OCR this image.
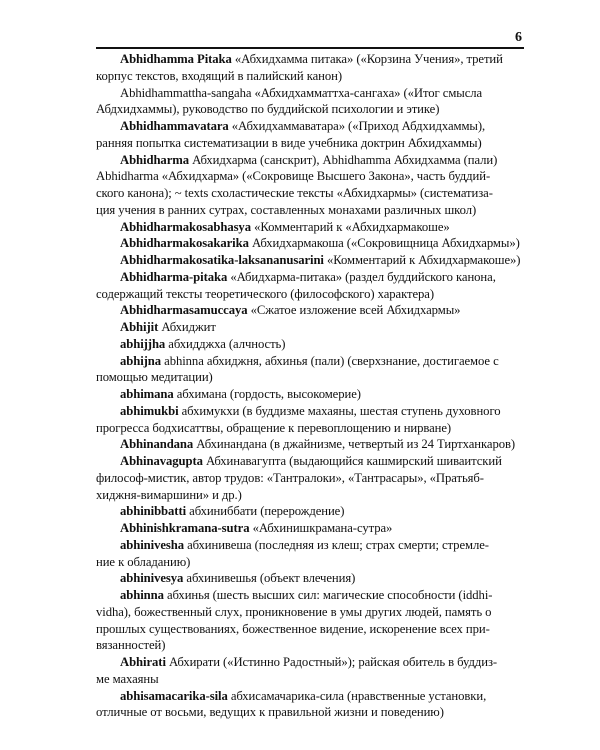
6

Abhidhamma Pitaka «Абхидхамма питака» («Корзина Учения», третий
корпус текстов, входящий в палийский канон)

Abhidhammattha-sangaha «Абхидхамматтха-сангаха» («Итог смысла
Абдхидхаммы), руководство по буддийской психологии и этике)

Abhidhammavatara «Абхидхаммаватара» («Приход Абдхидхаммы),
ранняя попытка систематизации в виде учебника доктрин Абхидхаммы)

Abhidharma Абхидхарма (санскрит), Abhidhamma Абхидхамма (пали)
Abhidharma «Абхидхарма» («Сокровище Высшего Закона», часть буддий-
ского канона); ~ texts схоластические тексты «Абхидхармы» (систематиза-
ция учения в ранних сутрах, составленных монахами различных школ)

Abhidharmakosabhasya «Комментарий к «Абхидхармакоше»

Abhidharmakosakarika Абхидхармакоша («Сокровищница Абхидхармы»)

Abhidharmakosatika-laksananusarini «Комментарий к Абхидхармакоше»)

Abhidharma-pitaka «Абидхарма-питака» (раздел буддийского канона,
содержащий тексты теоретического (философского) характера)

Abhidharmasamuccaya «Сжатое изложение всей Абхидхармы»

Abhijit Абхиджит

abhijjha абхидджха (алчность)

abhijna abhinna абхиджня, абхинья (пали) (сверхзнание, достигаемое с
помощью медитации)

abhimana абхимана (гордость, высокомерие)

abhimukbi абхимукхи (в буддизме махаяны, шестая ступень духовного
прогресса бодхисаттвы, обращение к перевоплощению и нирване)

Abhinandana Абхинандана (в джайнизме, четвертый из 24 Тиртханкаров)

Abhinavagupta Абхинавагупта (выдающийся кашмирский шиваитский
философ-мистик, автор трудов: «Тантралоки», «Тантрасары», «Пратьяб-
хиджня-вимаршини» и др.)

abhinibbatti абхиниббати (перерождение)

Abhinishkramana-sutra «Абхинишкрамана-сутра»

abhinivesha абхинивеша (последняя из клеш; страх смерти; стремле-
ние к обладанию)

abhinivesya абхинивешья (объект влечения)

abhinna абхинья (шесть высших сил: магические способности (iddhi-
vidha), божественный слух, проникновение в умы других людей, память о
прошлых существованиях, божественное видение, искоренение всех при-
вязанностей)

Abhirati Абхирати («Истинно Радостный»); райская обитель в буддиз-
ме махаяны

abhisamacarika-sila абхисамачарика-сила (нравственные установки,
отличные от восьми, ведущих к правильной жизни и поведению)
